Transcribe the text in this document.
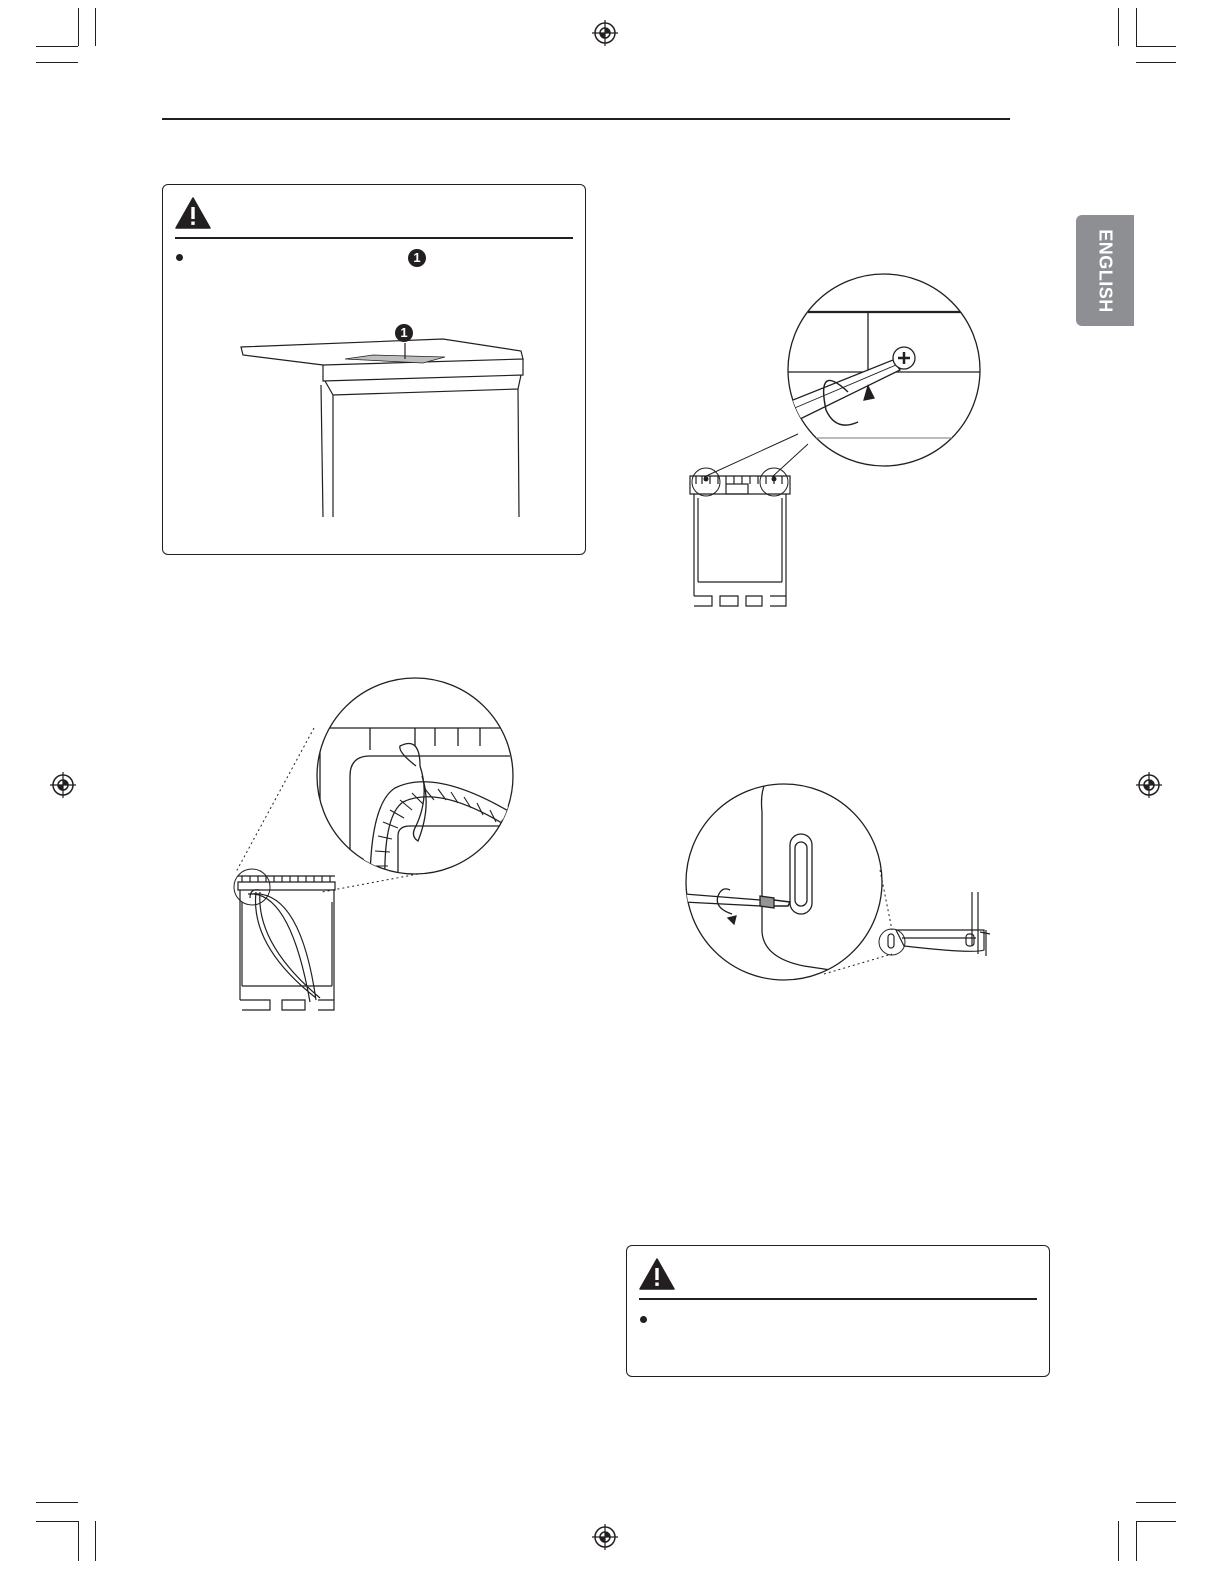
ENGLISH
1
1
